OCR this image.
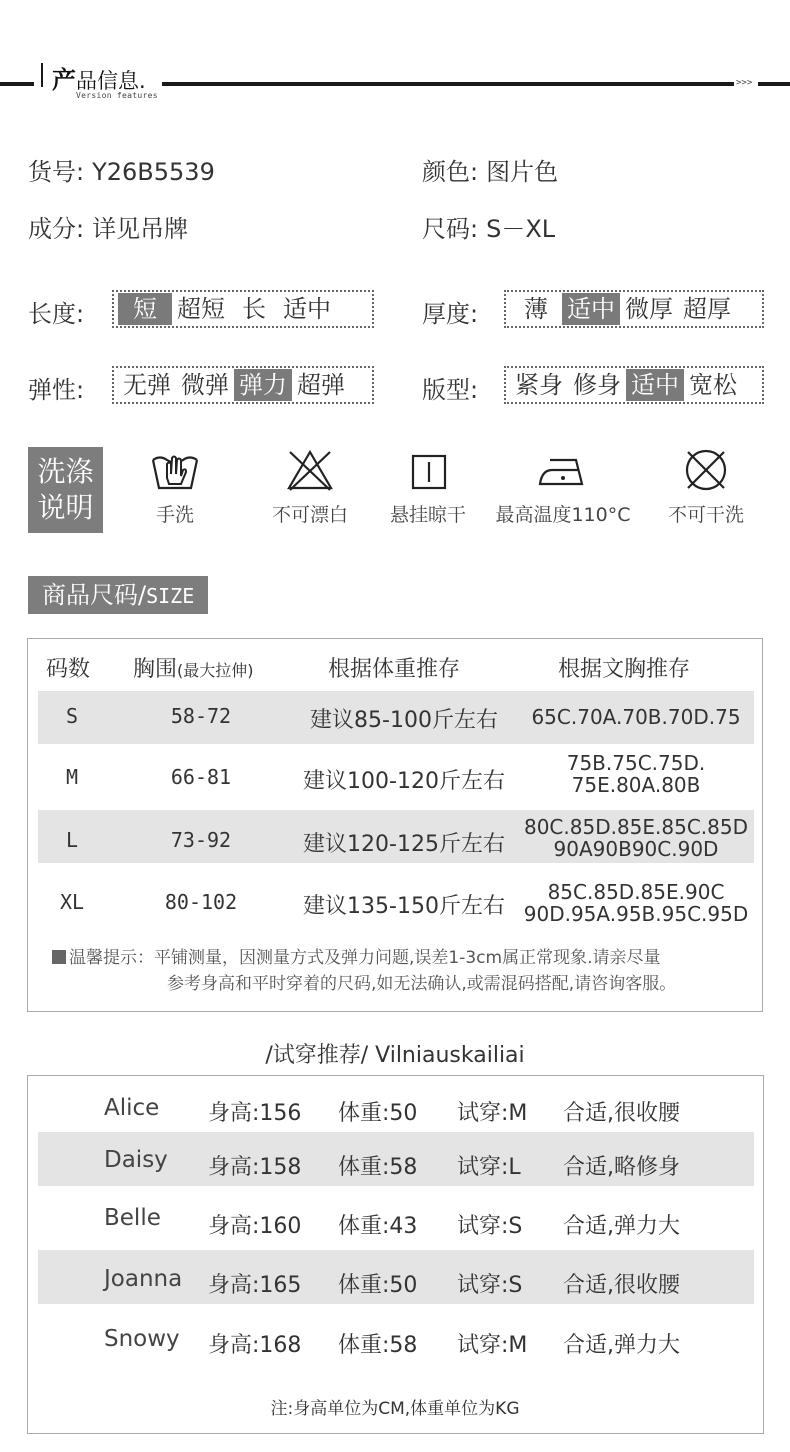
产品信息.
Version features
>>>
货号: Y26B5539	颜色: 图片色
成分: 详见吊牌	尺码: S－XL
长度:	短 超短 长 适中	厚度:	薄 适中 微厚 超厚
弹性: 无弹 微弹 弹力 超弹	版型: 紧身 修身 适中 宽松
洗涤
说明	手洗	不可漂白	悬挂晾干	最高温度110°C	不可干洗
商品尺码/SIZE
码数 胸围(最大拉伸)	根据体重推存	根据文胸推存
S	58-72	建议85-100斤左右	65C.70A.70B.70D.75
M	66-81	建议100-120斤左右
75B.75C.75D.
75E.80A.80B
L	73-92	建议120-125斤左右
80C.85D.85E.85C.85D
90A90B90C.90D
XL	80-102	建议135-150斤左右
85C.85D.85E.90C
90D.95A.95B.95C.95D
温馨提示：平铺测量，因测量方式及弹力问题,误差1-3cm属正常现象.请亲尽量
参考身高和平时穿着的尺码,如无法确认,或需混码搭配,请咨询客服。
/试穿推荐/ Vilniauskailiai
Alice 身高:156 体重:50 试穿:M 合适,很收腰
Daisy 身高:158 体重:58 试穿:L 合适,略修身
Belle 身高:160 体重:43 试穿:S 合适,弹力大
Joanna 身高:165 体重:50 试穿:S 合适,很收腰
Snowy 身高:168 体重:58 试穿:M 合适,弹力大
注:身高单位为CM,体重单位为KG
